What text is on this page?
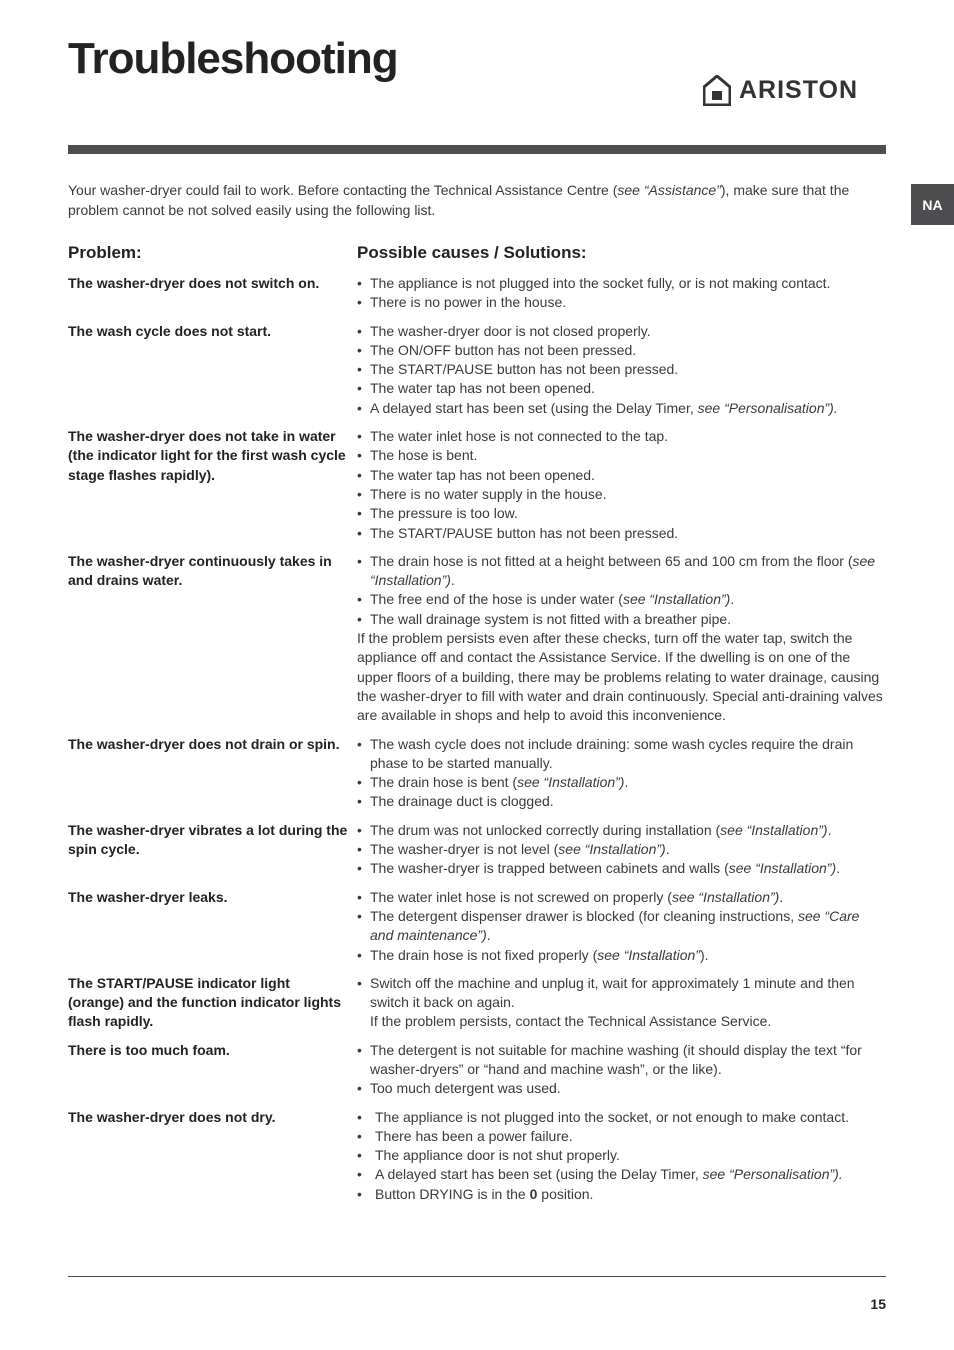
Troubleshooting
ARISTON
NA

Your washer-dryer could fail to work. Before contacting the Technical Assistance Centre (see “Assistance”), make sure that the problem cannot be not solved easily using the following list.

Problem:	Possible causes / Solutions:
The washer-dryer does not switch on.	• The appliance is not plugged into the socket fully, or is not making contact.
• There is no power in the house.
The wash cycle does not start.	• The washer-dryer door is not closed properly.
• The ON/OFF button has not been pressed.
• The START/PAUSE button has not been pressed.
• The water tap has not been opened.
• A delayed start has been set (using the Delay Timer, see “Personalisation”).
The washer-dryer does not take in water (the indicator light for the first wash cycle stage flashes rapidly).
• The water inlet hose is not connected to the tap.
• The hose is bent.
• The water tap has not been opened.
• There is no water supply in the house.
• The pressure is too low.
• The START/PAUSE button has not been pressed.
The washer-dryer continuously takes in and drains water.
• The drain hose is not fitted at a height between 65 and 100 cm from the floor (see “Installation”).
• The free end of the hose is under water (see “Installation”).
• The wall drainage system is not fitted with a breather pipe.

If the problem persists even after these checks, turn off the water tap, switch the appliance off and contact the Assistance Service. If the dwelling is on one of the upper floors of a building, there may be problems relating to water drainage, causing the washer-dryer to fill with water and drain continuously. Special anti-draining valves are available in shops and help to avoid this inconvenience.

The washer-dryer does not drain or spin.	• The wash cycle does not include draining: some wash cycles require the drain phase to be started manually.
• The drain hose is bent (see “Installation”).
• The drainage duct is clogged.
The washer-dryer vibrates a lot during the spin cycle.
• The drum was not unlocked correctly during installation (see “Installation”).
• The washer-dryer is not level (see “Installation”).
• The washer-dryer is trapped between cabinets and walls (see “Installation”).
The washer-dryer leaks.	• The water inlet hose is not screwed on properly (see “Installation”).
• The detergent dispenser drawer is blocked (for cleaning instructions, see “Care and maintenance”).
• The drain hose is not fixed properly (see “Installation”).
The START/PAUSE indicator light (orange) and the function indicator lights flash rapidly.
• Switch off the machine and unplug it, wait for approximately 1 minute and then switch it back on again.

If the problem persists, contact the Technical Assistance Service.

There is too much foam.	• The detergent is not suitable for machine washing (it should display the text “for washer-dryers” or “hand and machine wash”, or the like).
• Too much detergent was used.
The washer-dryer does not dry.	• The appliance is not plugged into the socket, or not enough to make contact.
• There has been a power failure.
• The appliance door is not shut properly.
• A delayed start has been set (using the Delay Timer, see “Personalisation”).
• Button DRYING is in the 0 position.
15
